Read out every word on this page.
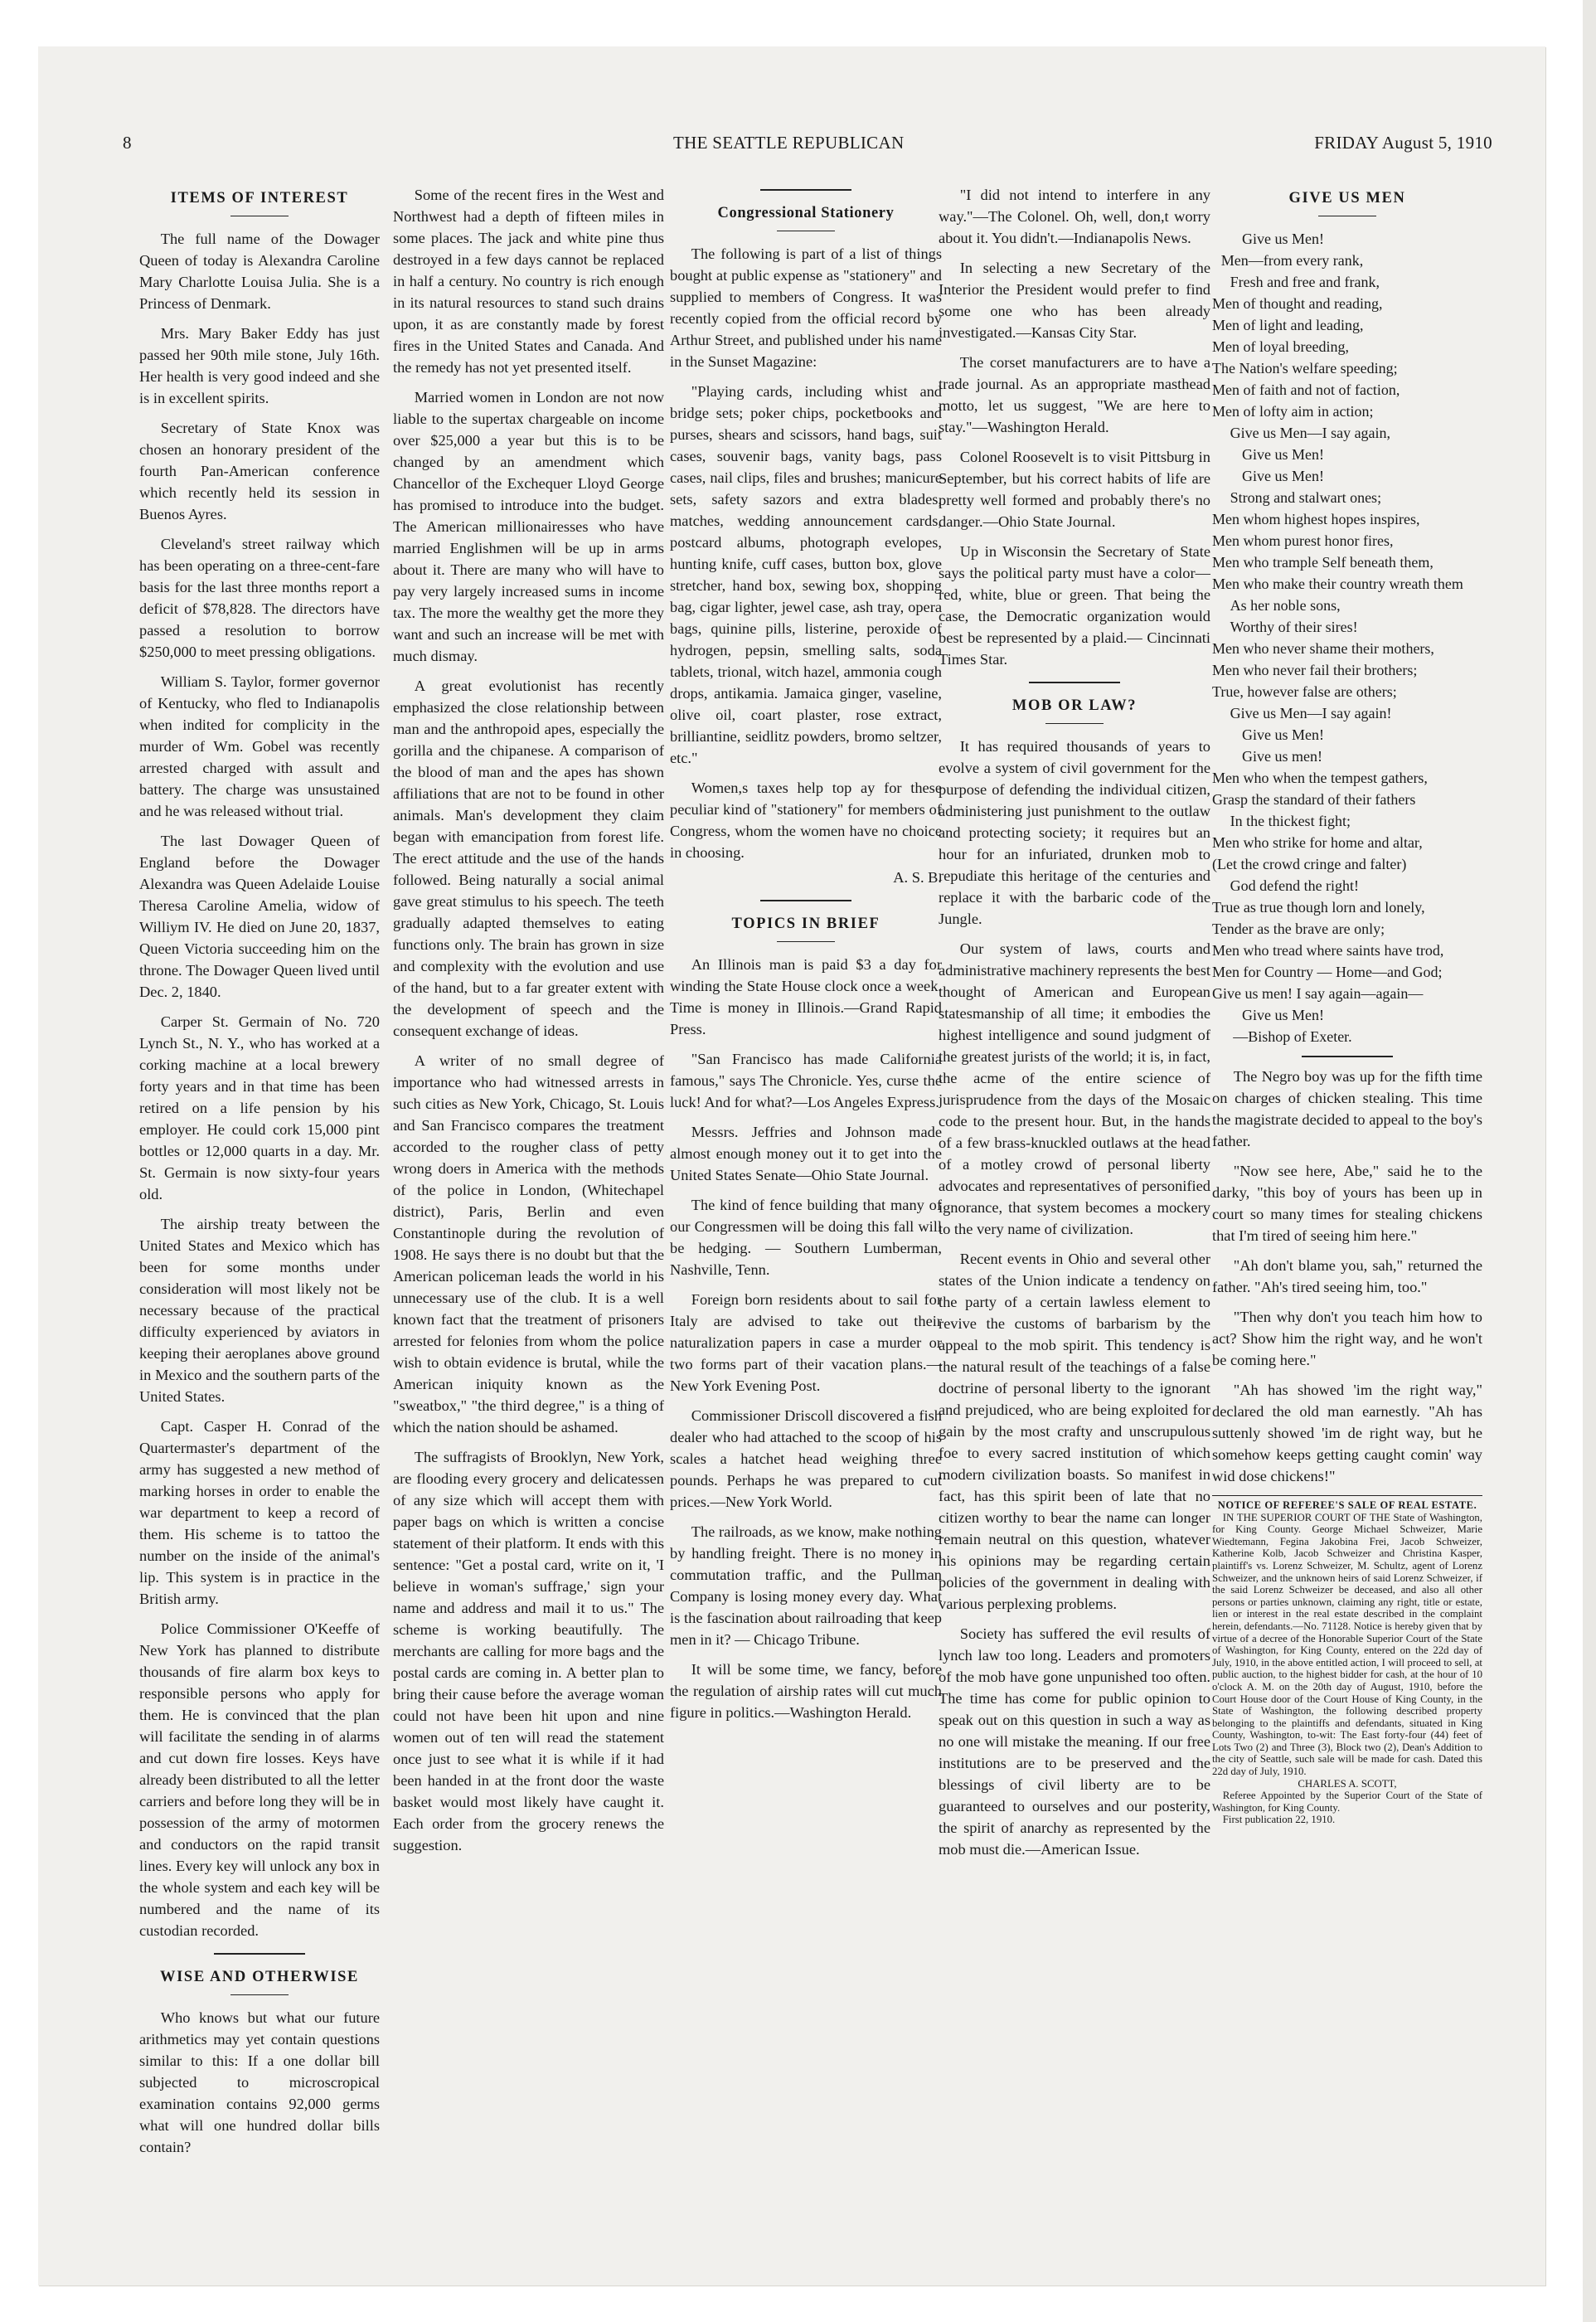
8	THE SEATTLE REPUBLICAN	FRIDAY August 5, 1910
ITEMS OF INTEREST

The full name of the Dowager Queen of today is Alexandra Caroline Mary Charlotte Louisa Julia. She is a Princess of Denmark.

Mrs. Mary Baker Eddy has just passed her 90th mile stone, July 16th. Her health is very good indeed and she is in excellent spirits.

Secretary of State Knox was chosen an honorary president of the fourth Pan-American conference which recently held its session in Buenos Ayres.

Cleveland's street railway which has been operating on a three-cent-fare basis for the last three months report a deficit of $78,828. The directors have passed a resolution to borrow $250,000 to meet pressing obligations.

William S. Taylor, former governor of Kentucky, who fled to Indianapolis when indited for complicity in the murder of Wm. Gobel was recently arrested charged with assult and battery. The charge was unsustained and he was released without trial.

The last Dowager Queen of England before the Dowager Alexandra was Queen Adelaide Louise Theresa Caroline Amelia, widow of Williym IV. He died on June 20, 1837, Queen Victoria succeeding him on the throne. The Dowager Queen lived until Dec. 2, 1840.

Carper St. Germain of No. 720 Lynch St., N. Y., who has worked at a corking machine at a local brewery forty years and in that time has been retired on a life pension by his employer. He could cork 15,000 pint bottles or 12,000 quarts in a day. Mr. St. Germain is now sixty-four years old.

The airship treaty between the United States and Mexico which has been for some months under consideration will most likely not be necessary because of the practical difficulty experienced by aviators in keeping their aeroplanes above ground in Mexico and the southern parts of the United States.

Capt. Casper H. Conrad of the Quartermaster's department of the army has suggested a new method of marking horses in order to enable the war department to keep a record of them. His scheme is to tattoo the number on the inside of the animal's lip. This system is in practice in the British army.

Police Commissioner O'Keeffe of New York has planned to distribute thousands of fire alarm box keys to responsible persons who apply for them. He is convinced that the plan will facilitate the sending in of alarms and cut down fire losses. Keys have already been distributed to all the letter carriers and before long they will be in possession of the army of motormen and conductors on the rapid transit lines. Every key will unlock any box in the whole system and each key will be numbered and the name of its custodian recorded.

WISE AND OTHERWISE

Who knows but what our future arithmetics may yet contain questions similar to this: If a one dollar bill subjected to microscropical examination contains 92,000 germs what will one hundred dollar bills contain?

Some of the recent fires in the West and Northwest had a depth of fifteen miles in some places. The jack and white pine thus destroyed in a few days cannot be replaced in half a century. No country is rich enough in its natural resources to stand such drains upon, it as are constantly made by forest fires in the United States and Canada. And the remedy has not yet presented itself.

Married women in London are not now liable to the supertax chargeable on income over $25,000 a year but this is to be changed by an amendment which Chancellor of the Exchequer Lloyd George has promised to introduce into the budget. The American millionairesses who have married Englishmen will be up in arms about it. There are many who will have to pay very largely increased sums in income tax. The more the wealthy get the more they want and such an increase will be met with much dismay.

A great evolutionist has recently emphasized the close relationship between man and the anthropoid apes, especially the gorilla and the chipanese. A comparison of the blood of man and the apes has shown affiliations that are not to be found in other animals. Man's development they claim began with emancipation from forest life. The erect attitude and the use of the hands followed. Being naturally a social animal gave great stimulus to his speech. The teeth gradually adapted themselves to eating functions only. The brain has grown in size and complexity with the evolution and use of the hand, but to a far greater extent with the development of speech and the consequent exchange of ideas.

A writer of no small degree of importance who had witnessed arrests in such cities as New York, Chicago, St. Louis and San Francisco compares the treatment accorded to the rougher class of petty wrong doers in America with the methods of the police in London, (Whitechapel district), Paris, Berlin and even Constantinople during the revolution of 1908. He says there is no doubt but that the American policeman leads the world in his unnecessary use of the club. It is a well known fact that the treatment of prisoners arrested for felonies from whom the police wish to obtain evidence is brutal, while the American iniquity known as the "sweatbox," "the third degree," is a thing of which the nation should be ashamed.

The suffragists of Brooklyn, New York, are flooding every grocery and delicatessen of any size which will accept them with paper bags on which is written a concise statement of their platform. It ends with this sentence: "Get a postal card, write on it, 'I believe in woman's suffrage,' sign your name and address and mail it to us." The scheme is working beautifully. The merchants are calling for more bags and the postal cards are coming in. A better plan to bring their cause before the average woman could not have been hit upon and nine women out of ten will read the statement once just to see what it is while if it had been handed in at the front door the waste basket would most likely have caught it. Each order from the grocery renews the suggestion.

Congressional Stationery

The following is part of a list of things bought at public expense as "stationery" and supplied to members of Congress. It was recently copied from the official record by Arthur Street, and published under his name in the Sunset Magazine:

"Playing cards, including whist and bridge sets; poker chips, pocketbooks and purses, shears and scissors, hand bags, suit cases, souvenir bags, vanity bags, pass cases, nail clips, files and brushes; manicure sets, safety sazors and extra blades, matches, wedding announcement cards, postcard albums, photograph evelopes, hunting knife, cuff cases, button box, glove stretcher, hand box, sewing box, shopping bag, cigar lighter, jewel case, ash tray, opera bags, quinine pills, listerine, peroxide of hydrogen, pepsin, smelling salts, soda tablets, trional, witch hazel, ammonia cough drops, antikamia. Jamaica ginger, vaseline, olive oil, coart plaster, rose extract, brilliantine, seidlitz powders, bromo seltzer, etc."

Women,s taxes help top ay for these peculiar kind of "stationery" for members of Congress, whom the women have no choice in choosing.

A. S. B.
TOPICS IN BRIEF

An Illinois man is paid $3 a day for winding the State House clock once a week. Time is money in Illinois.—Grand Rapid Press.

"San Francisco has made California famous," says The Chronicle. Yes, curse the luck! And for what?—Los Angeles Express.

Messrs. Jeffries and Johnson made almost enough money out it to get into the United States Senate—Ohio State Journal.

The kind of fence building that many of our Congressmen will be doing this fall will be hedging. — Southern Lumberman, Nashville, Tenn.

Foreign born residents about to sail for Italy are advised to take out their naturalization papers in case a murder or two forms part of their vacation plans.—New York Evening Post.

Commissioner Driscoll discovered a fish dealer who had attached to the scoop of his scales a hatchet head weighing three pounds. Perhaps he was prepared to cut prices.—New York World.

The railroads, as we know, make nothing by handling freight. There is no money in commutation traffic, and the Pullman Company is losing money every day. What is the fascination about railroading that keep men in it? — Chicago Tribune.

It will be some time, we fancy, before the regulation of airship rates will cut much figure in politics.—Washington Herald.

"I did not intend to interfere in any way."—The Colonel. Oh, well, don,t worry about it. You didn't.—Indianapolis News.

In selecting a new Secretary of the Interior the President would prefer to find some one who has been already investigated.—Kansas City Star.

The corset manufacturers are to have a trade journal. As an appropriate masthead motto, let us suggest, "We are here to stay."—Washington Herald.

Colonel Roosevelt is to visit Pittsburg in September, but his correct habits of life are pretty well formed and probably there's no danger.—Ohio State Journal.

Up in Wisconsin the Secretary of State says the political party must have a color—red, white, blue or green. That being the case, the Democratic organization would best be represented by a plaid.— Cincinnati Times Star.

MOB OR LAW?

It has required thousands of years to evolve a system of civil government for the purpose of defending the individual citizen, administering just punishment to the outlaw and protecting society; it requires but an hour for an infuriated, drunken mob to repudiate this heritage of the centuries and replace it with the barbaric code of the Jungle.

Our system of laws, courts and administrative machinery represents the best thought of American and European statesmanship of all time; it embodies the highest intelligence and sound judgment of the greatest jurists of the world; it is, in fact, the acme of the entire science of jurisprudence from the days of the Mosaic code to the present hour. But, in the hands of a few brass-knuckled outlaws at the head of a motley crowd of personal liberty advocates and representatives of personified ignorance, that system becomes a mockery to the very name of civilization.

Recent events in Ohio and several other states of the Union indicate a tendency on the party of a certain lawless element to revive the customs of barbarism by the appeal to the mob spirit. This tendency is the natural result of the teachings of a false doctrine of personal liberty to the ignorant and prejudiced, who are being exploited for gain by the most crafty and unscrupulous foe to every sacred institution of which modern civilization boasts. So manifest in fact, has this spirit been of late that no citizen worthy to bear the name can longer remain neutral on this question, whatever his opinions may be regarding certain policies of the government in dealing with various perplexing problems.

Society has suffered the evil results of lynch law too long. Leaders and promoters of the mob have gone unpunished too often. The time has come for public opinion to speak out on this question in such a way as no one will mistake the meaning. If our free institutions are to be preserved and the blessings of civil liberty are to be guaranteed to ourselves and our posterity, the spirit of anarchy as represented by the mob must die.—American Issue.

GIVE US MEN
Give us Men!
Men—from every rank,
Fresh and free and frank,
Men of thought and reading,
Men of light and leading,
Men of loyal breeding,
The Nation's welfare speeding;
Men of faith and not of faction,
Men of lofty aim in action;
Give us Men—I say again,
Give us Men!
Give us Men!
Strong and stalwart ones;
Men whom highest hopes inspires,
Men whom purest honor fires,
Men who trample Self beneath them,
Men who make their country wreath them
As her noble sons,
Worthy of their sires!
Men who never shame their mothers,
Men who never fail their brothers;
True, however false are others;
Give us Men—I say again!
Give us Men!
Give us men!
Men who when the tempest gathers,
Grasp the standard of their fathers
In the thickest fight;
Men who strike for home and altar,
(Let the crowd cringe and falter)
God defend the right!
True as true though lorn and lonely,
Tender as the brave are only;
Men who tread where saints have trod,
Men for Country — Home—and God;
Give us men! I say again—again—
Give us Men!
—Bishop of Exeter.

The Negro boy was up for the fifth time on charges of chicken stealing. This time the magistrate decided to appeal to the boy's father.

"Now see here, Abe," said he to the darky, "this boy of yours has been up in court so many times for stealing chickens that I'm tired of seeing him here."

"Ah don't blame you, sah," returned the father. "Ah's tired seeing him, too."

"Then why don't you teach him how to act? Show him the right way, and he won't be coming here."

"Ah has showed 'im the right way," declared the old man earnestly. "Ah has suttenly showed 'im de right way, but he somehow keeps getting caught comin' way wid dose chickens!"

NOTICE OF REFEREE'S SALE OF REAL ESTATE.

IN THE SUPERIOR COURT OF THE State of Washington, for King County. George Michael Schweizer, Marie Wiedtemann, Fegina Jakobina Frei, Jacob Schweizer, Katherine Kolb, Jacob Schweizer and Christina Kasper, plaintiff's vs. Lorenz Schweizer, M. Schultz, agent of Lorenz Schweizer, and the unknown heirs of said Lorenz Schweizer, if the said Lorenz Schweizer be deceased, and also all other persons or parties unknown, claiming any right, title or estate, lien or interest in the real estate described in the complaint herein, defendants.—No. 71128. Notice is hereby given that by virtue of a decree of the Honorable Superior Court of the State of Washington, for King County, entered on the 22d day of July, 1910, in the above entitled action, I will proceed to sell, at public auction, to the highest bidder for cash, at the hour of 10 o'clock A. M. on the 20th day of August, 1910, before the Court House door of the Court House of King County, in the State of Washington, the following described property belonging to the plaintiffs and defendants, situated in King County, Washington, to-wit: The East forty-four (44) feet of Lots Two (2) and Three (3), Block two (2), Dean's Addition to the city of Seattle, such sale will be made for cash. Dated this 22d day of July, 1910.

CHARLES A. SCOTT,

Referee Appointed by the Superior Court of the State of Washington, for King County.

First publication 22, 1910.
